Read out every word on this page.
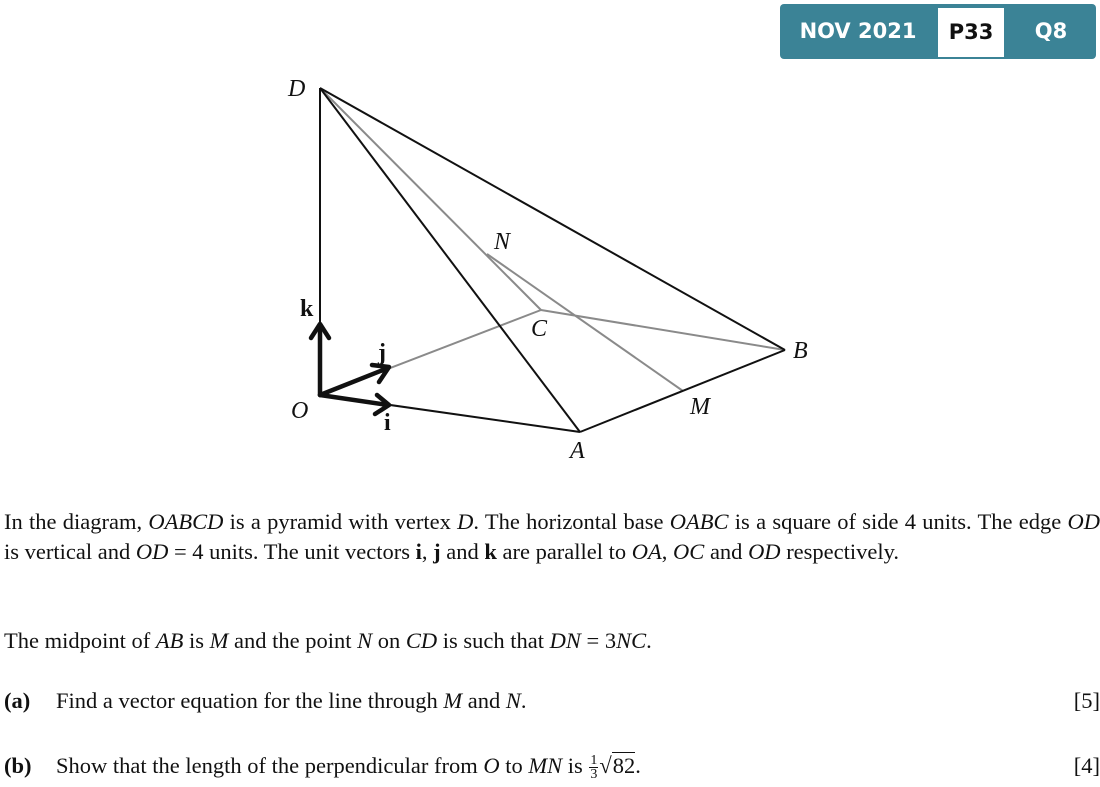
NOV 2021	P33	Q8
D
N
k
C
j	B
O	M
i
A

In the diagram, OABCD is a pyramid with vertex D. The horizontal base OABC is a square of side 4 units. The edge OD is vertical and OD = 4 units. The unit vectors i, j and k are parallel to OA, OC and OD respectively.

The midpoint of AB is M and the point N on CD is such that DN = 3NC.

(a) Find a vector equation for the line through M and N.	[5]
(b) Show that the length of the perpendicular from O to MN is $\frac{1}{3} √82$.	[4]
